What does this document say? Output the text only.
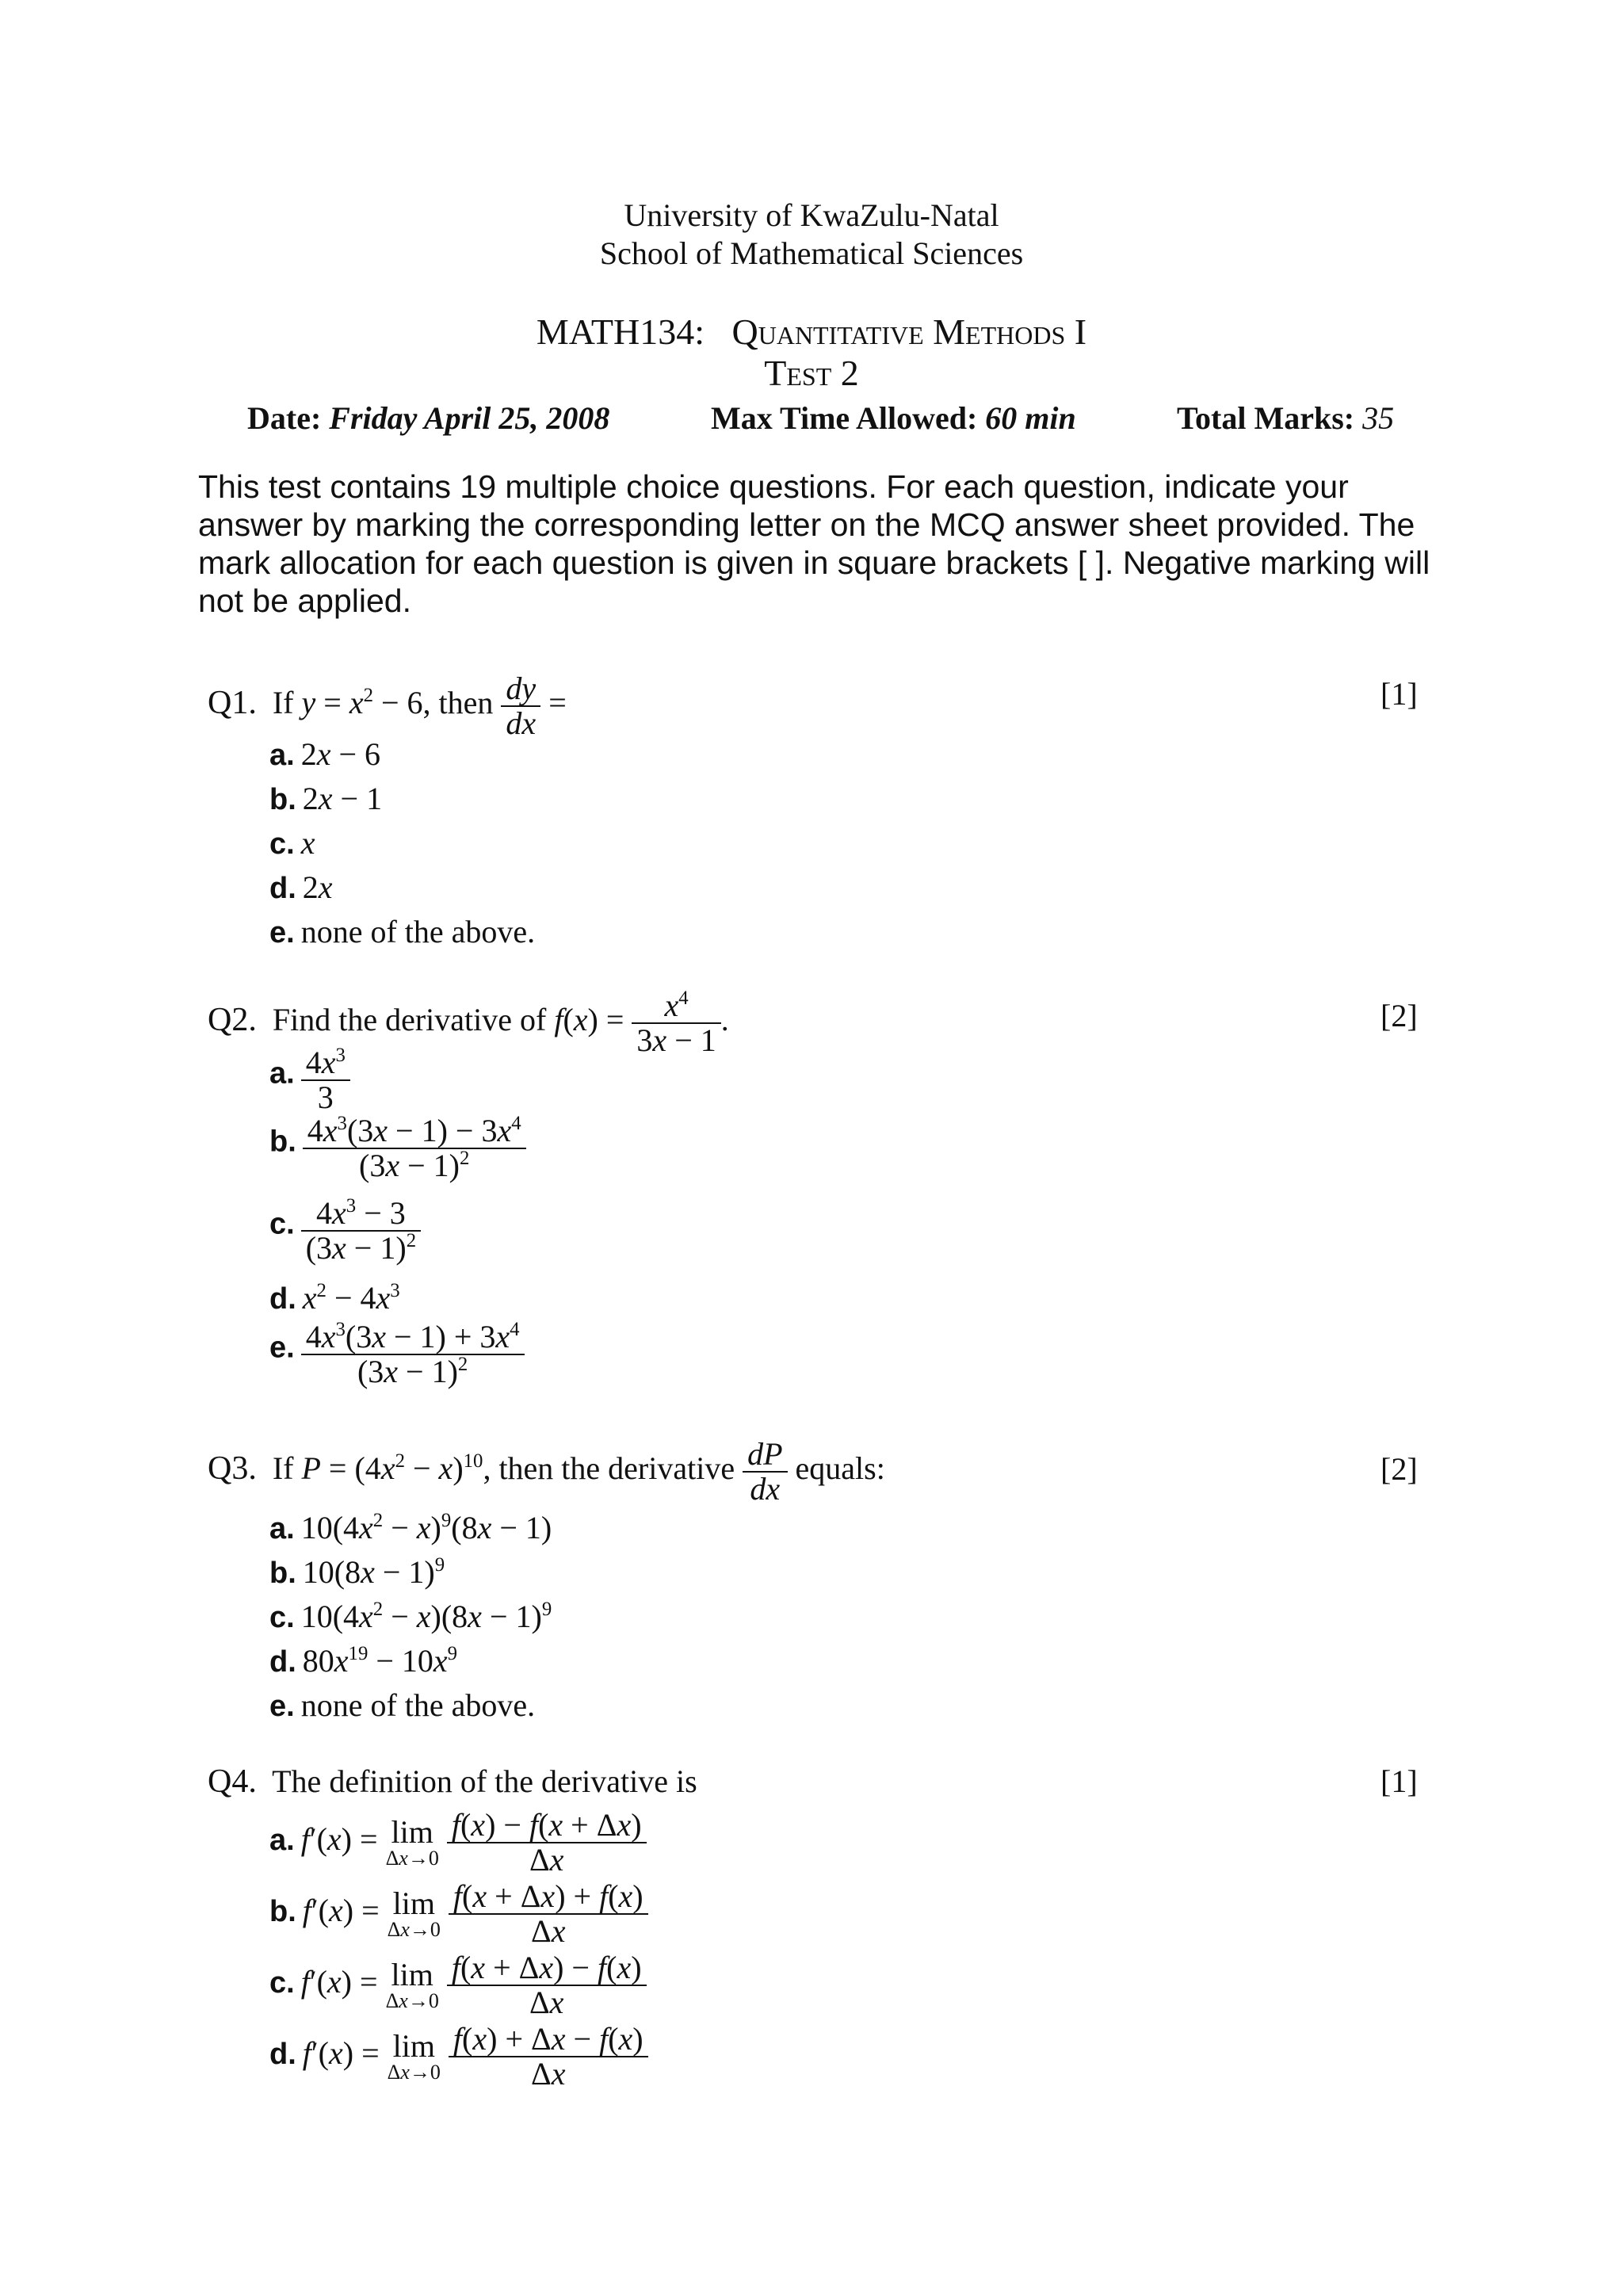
University of KwaZulu-Natal
School of Mathematical Sciences
MATH134: Quantitative Methods I
Test 2
Date: Friday April 25, 2008	Max Time Allowed: 60 min	Total Marks: 35
This test contains 19 multiple choice questions. For each question, indicate your answer by marking the corresponding letter on the MCQ answer sheet provided. The mark allocation for each question is given in square brackets [ ]. Negative marking will not be applied.
Q1. If $y = x^2 - 6$, then $\frac{dy}{dx}$ =	[1]
a. 2x − 6
b. 2x − 1
c. x
d. 2x
e. none of the above.
Q2. Find the derivative of $f(x) = \frac{x^4}{3x - 1}$ .	[2]
a. $\frac{4x^3}{3}$
b. $\frac{4x^3(3x - 1) - 3x^4}{(3x - 1)^2}$
c. $\frac{4x^3 - 3}{(3x - 1)^2}$
d. $x^2 - 4x^3$
e. $\frac{4x^3(3x - 1) + 3x^4}{(3x - 1)^2}$
Q3. If $P = (4x^2 - x)^{10}$, then the derivative $\frac{dP}{dx}$ equals:	[2]
a. $10(4x^2 - x)^9(8x - 1)$
b. $10(8x - 1)^9$
c. $10(4x^2 - x)(8x - 1)^9$
d. $80x^{19} - 10x^9$
e. none of the above.
Q4. The definition of the derivative is	[1]
a. f′(x) = lim
Δx→0
$\frac{f(x) - f(x + \Delta x)}{\Delta x}$
b. f′(x) = lim
Δx→0
$\frac{f(x + \Delta x) + f(x)}{\Delta x}$
c. f′(x) = lim
Δx→0
$\frac{f(x + \Delta x) - f(x)}{\Delta x}$
d. f′(x) = lim
Δx→0
$\frac{f(x) + \Delta x - f(x)}{\Delta x}$
